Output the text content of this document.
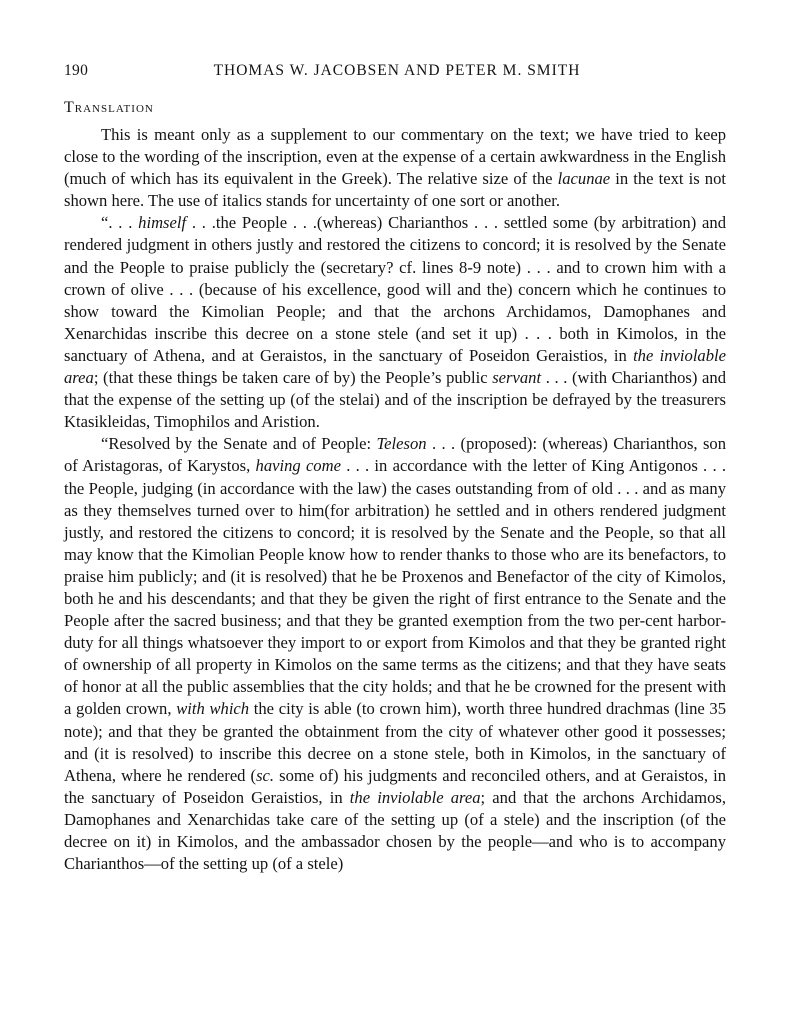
190	THOMAS W. JACOBSEN AND PETER M. SMITH
Translation

This is meant only as a supplement to our commentary on the text; we have tried to keep close to the wording of the inscription, even at the expense of a certain awkwardness in the English (much of which has its equivalent in the Greek). The relative size of the lacunae in the text is not shown here. The use of italics stands for uncertainty of one sort or another.

“. . . himself . . .the People . . .(whereas) Charianthos . . . settled some (by arbitration) and rendered judgment in others justly and restored the citizens to concord; it is resolved by the Senate and the People to praise publicly the (secretary? cf. lines 8-9 note) . . . and to crown him with a crown of olive . . . (because of his excellence, good will and the) concern which he continues to show toward the Kimolian People; and that the archons Archidamos, Damophanes and Xenarchidas inscribe this decree on a stone stele (and set it up) . . . both in Kimolos, in the sanctuary of Athena, and at Geraistos, in the sanctuary of Poseidon Geraistios, in the inviolable area; (that these things be taken care of by) the People’s public servant . . . (with Charianthos) and that the expense of the setting up (of the stelai) and of the inscription be defrayed by the treasurers Ktasikleidas, Timophilos and Aristion.

“Resolved by the Senate and of People: Teleson . . . (proposed): (whereas) Charianthos, son of Aristagoras, of Karystos, having come . . . in accordance with the letter of King Antigonos . . . the People, judging (in accordance with the law) the cases outstanding from of old . . . and as many as they themselves turned over to him(for arbitration) he settled and in others rendered judgment justly, and restored the citizens to concord; it is resolved by the Senate and the People, so that all may know that the Kimolian People know how to render thanks to those who are its benefactors, to praise him publicly; and (it is resolved) that he be Proxenos and Benefactor of the city of Kimolos, both he and his descendants; and that they be given the right of first entrance to the Senate and the People after the sacred business; and that they be granted exemption from the two per-cent harbor-duty for all things whatsoever they import to or export from Kimolos and that they be granted right of ownership of all property in Kimolos on the same terms as the citizens; and that they have seats of honor at all the public assemblies that the city holds; and that he be crowned for the present with a golden crown, with which the city is able (to crown him), worth three hundred drachmas (line 35 note); and that they be granted the obtainment from the city of whatever other good it possesses; and (it is resolved) to inscribe this decree on a stone stele, both in Kimolos, in the sanctuary of Athena, where he rendered (sc. some of) his judgments and reconciled others, and at Geraistos, in the sanctuary of Poseidon Geraistios, in the inviolable area; and that the archons Archidamos, Damophanes and Xenarchidas take care of the setting up (of a stele) and the inscription (of the decree on it) in Kimolos, and the ambassador chosen by the people—and who is to accompany Charianthos—of the setting up (of a stele)
